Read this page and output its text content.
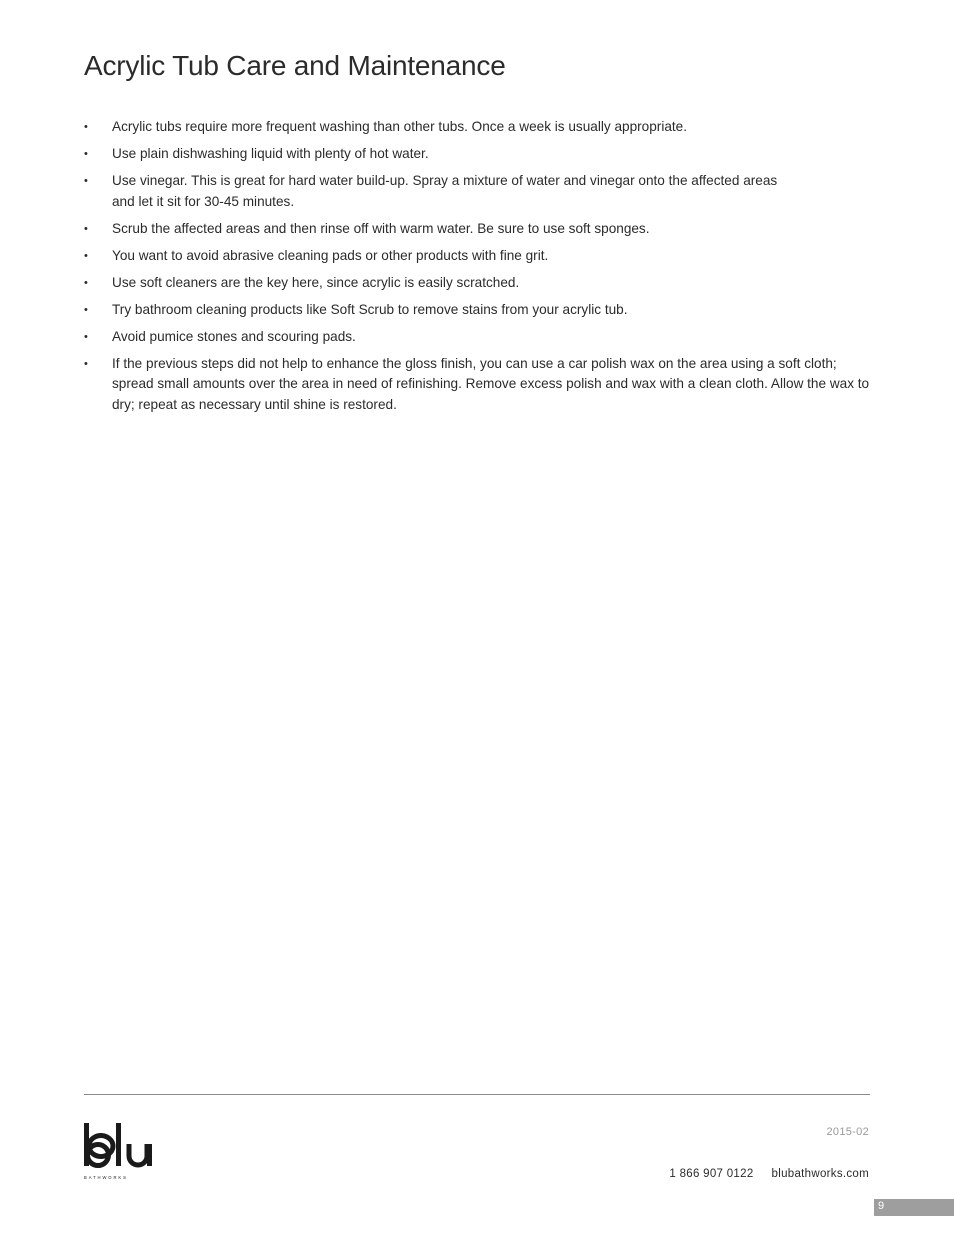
Acrylic Tub Care and Maintenance
• Acrylic tubs require more frequent washing than other tubs. Once a week is usually appropriate.
• Use plain dishwashing liquid with plenty of hot water.
• Use vinegar. This is great for hard water build-up. Spray a mixture of water and vinegar onto the affected areas and let it sit for 30-45 minutes.
• Scrub the affected areas and then rinse off with warm water. Be sure to use soft sponges.
• You want to avoid abrasive cleaning pads or other products with fine grit.
• Use soft cleaners are the key here, since acrylic is easily scratched.
• Try bathroom cleaning products like Soft Scrub to remove stains from your acrylic tub.
• Avoid pumice stones and scouring pads.
• If the previous steps did not help to enhance the gloss finish, you can use a car polish wax on the area using a soft cloth; spread small amounts over the area in need of refinishing. Remove excess polish and wax with a clean cloth. Allow the wax to dry; repeat as necessary until shine is restored.
BATHWORKS
2015-02
1 866 907 0122 blubathworks.com
9
